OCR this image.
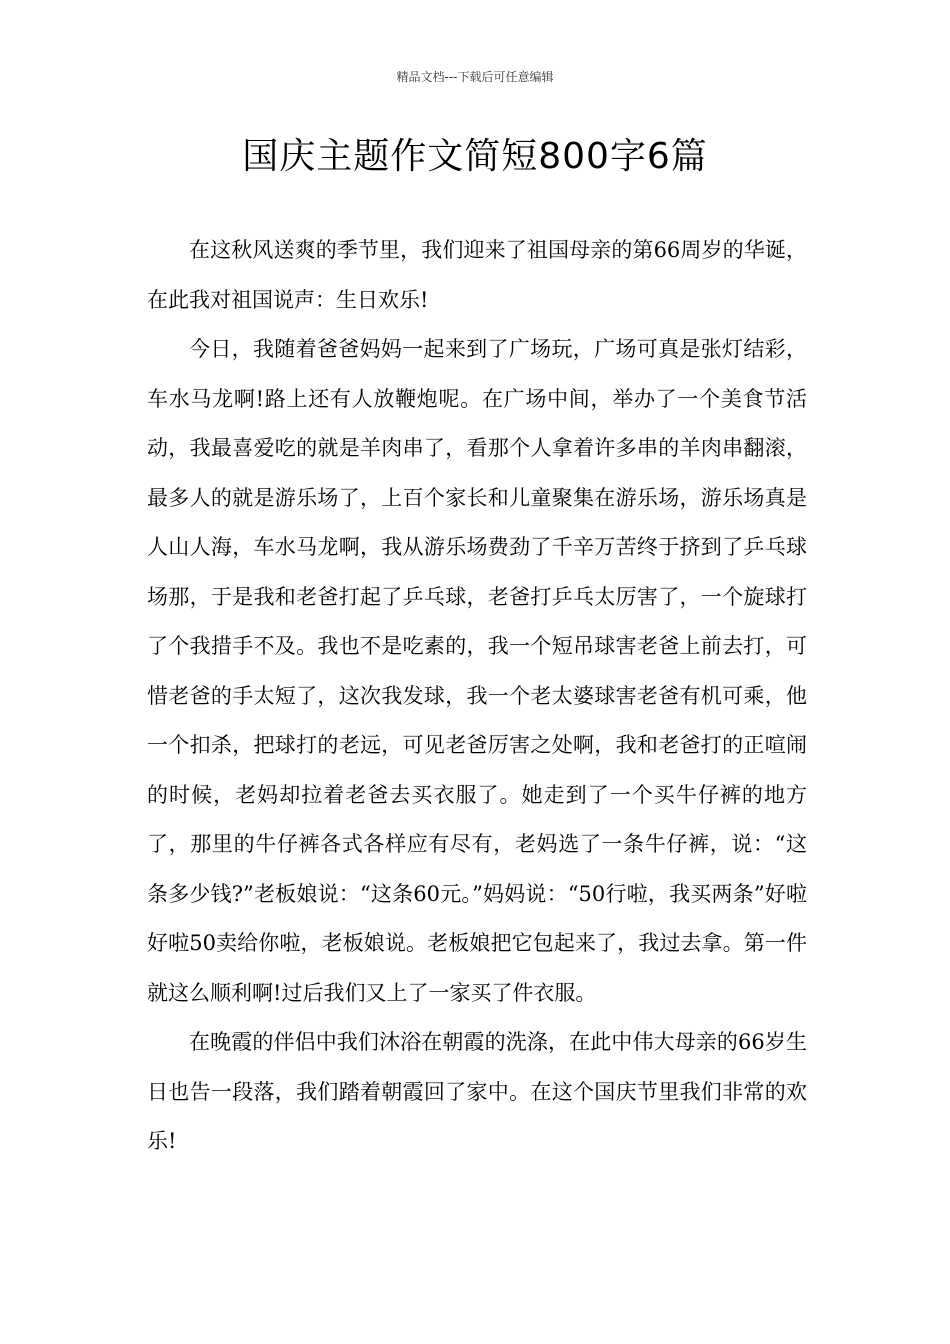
精品文档---下载后可任意编辑
国庆主题作文简短800字6篇

在这秋风送爽的季节里，我们迎来了祖国母亲的第66周岁的华诞，在此我对祖国说声：生日欢乐!

今日，我随着爸爸妈妈一起来到了广场玩，广场可真是张灯结彩，车水马龙啊!路上还有人放鞭炮呢。在广场中间，举办了一个美食节活动，我最喜爱吃的就是羊肉串了，看那个人拿着许多串的羊肉串翻滚，最多人的就是游乐场了，上百个家长和儿童聚集在游乐场，游乐场真是人山人海，车水马龙啊，我从游乐场费劲了千辛万苦终于挤到了乒乓球场那，于是我和老爸打起了乒乓球，老爸打乒乓太厉害了，一个旋球打了个我措手不及。我也不是吃素的，我一个短吊球害老爸上前去打，可惜老爸的手太短了，这次我发球，我一个老太婆球害老爸有机可乘，他一个扣杀，把球打的老远，可见老爸厉害之处啊，我和老爸打的正喧闹的时候，老妈却拉着老爸去买衣服了。她走到了一个买牛仔裤的地方了，那里的牛仔裤各式各样应有尽有，老妈选了一条牛仔裤，说：“这条多少钱?”老板娘说：“这条60元。”妈妈说：“50行啦，我买两条”好啦好啦50卖给你啦，老板娘说。老板娘把它包起来了，我过去拿。第一件就这么顺利啊!过后我们又上了一家买了件衣服。

在晚霞的伴侣中我们沐浴在朝霞的洗涤，在此中伟大母亲的66岁生日也告一段落，我们踏着朝霞回了家中。在这个国庆节里我们非常的欢乐!
